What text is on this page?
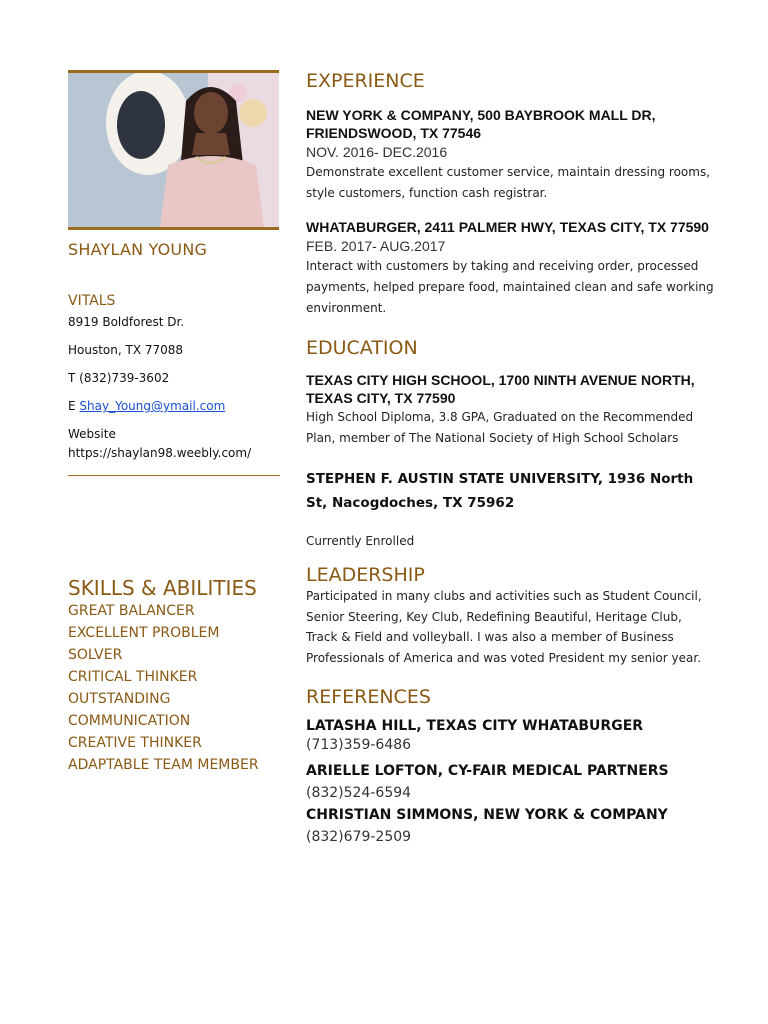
SHAYLAN YOUNG
VITALS
8919 Boldforest Dr.
Houston, TX 77088
T (832)739-3602
E Shay_Young@ymail.com
Website
https://shaylan98.weebly.com/
SKILLS & ABILITIES
GREAT BALANCER
EXCELLENT PROBLEM
SOLVER
CRITICAL THINKER
OUTSTANDING
COMMUNICATION
CREATIVE THINKER
ADAPTABLE TEAM MEMBER
EXPERIENCE
NEW YORK & COMPANY, 500 BAYBROOK MALL DR, FRIENDSWOOD, TX 77546
NOV. 2016- DEC.2016
Demonstrate excellent customer service, maintain dressing rooms, style customers, function cash registrar.
WHATABURGER, 2411 PALMER HWY, TEXAS CITY, TX 77590
FEB. 2017- AUG.2017
Interact with customers by taking and receiving order, processed payments, helped prepare food, maintained clean and safe working environment.
EDUCATION
TEXAS CITY HIGH SCHOOL, 1700 NINTH AVENUE NORTH, TEXAS CITY, TX 77590
High School Diploma, 3.8 GPA, Graduated on the Recommended Plan, member of The National Society of High School Scholars
STEPHEN F. AUSTIN STATE UNIVERSITY, 1936 North St, Nacogdoches, TX 75962
Currently Enrolled
LEADERSHIP
Participated in many clubs and activities such as Student Council, Senior Steering, Key Club, Redefining Beautiful, Heritage Club, Track & Field and volleyball. I was also a member of Business Professionals of America and was voted President my senior year.
REFERENCES
LATASHA HILL, TEXAS CITY WHATABURGER
(713)359-6486
ARIELLE LOFTON, CY-FAIR MEDICAL PARTNERS
(832)524-6594
CHRISTIAN SIMMONS, NEW YORK & COMPANY
(832)679-2509
